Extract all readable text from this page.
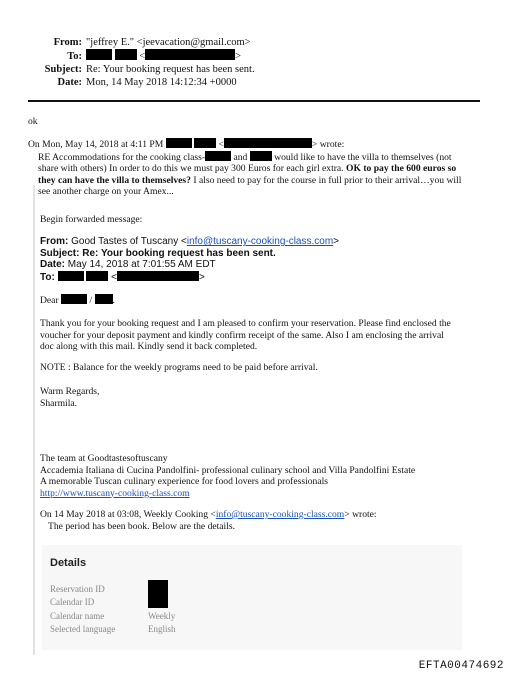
From: "jeffrey E." <jeevacation@gmail.com>
To:	<	>
Subject: Re: Your booking request has been sent.
Date: Mon, 14 May 2018 14:12:34 +0000
ok
On Mon, May 14, 2018 at 4:11 PM	<	> wrote:
RE Accommodations for the cooking class-	and	would like to have the villa to themselves (not
share with others) In order to do this we must pay 300 Euros for each girl extra. OK to pay the 600 euros so
they can have the villa to themselves? I also need to pay for the course in full prior to their arrival…you will
see another charge on your Amex...
Begin forwarded message:
From: Good Tastes of Tuscany <info@tuscany-cooking-class.com>
Subject: Re: Your booking request has been sent.
Date: May 14, 2018 at 7:01:55 AM EDT
To:	<	>
Dear	/ .
Thank you for your booking request and I am pleased to confirm your reservation. Please find enclosed the
voucher for your deposit payment and kindly confirm receipt of the same. Also I am enclosing the arrival
doc along with this mail. Kindly send it back completed.
NOTE : Balance for the weekly programs need to be paid before arrival.
Warm Regards,
Sharmila.
The team at Goodtastesoftuscany
Accademia Italiana di Cucina Pandolfini- professional culinary school and Villa Pandolfini Estate
A memorable Tuscan culinary experience for food lovers and professionals
http://www.tuscany-cooking-class.com
On 14 May 2018 at 03:08, Weekly Cooking <info@tuscany-cooking-class.com> wrote:
The period has been book. Below are the details.
Details
Reservation ID	
Calendar ID	
Calendar name	Weekly
Selected language	English
EFTA00474692
